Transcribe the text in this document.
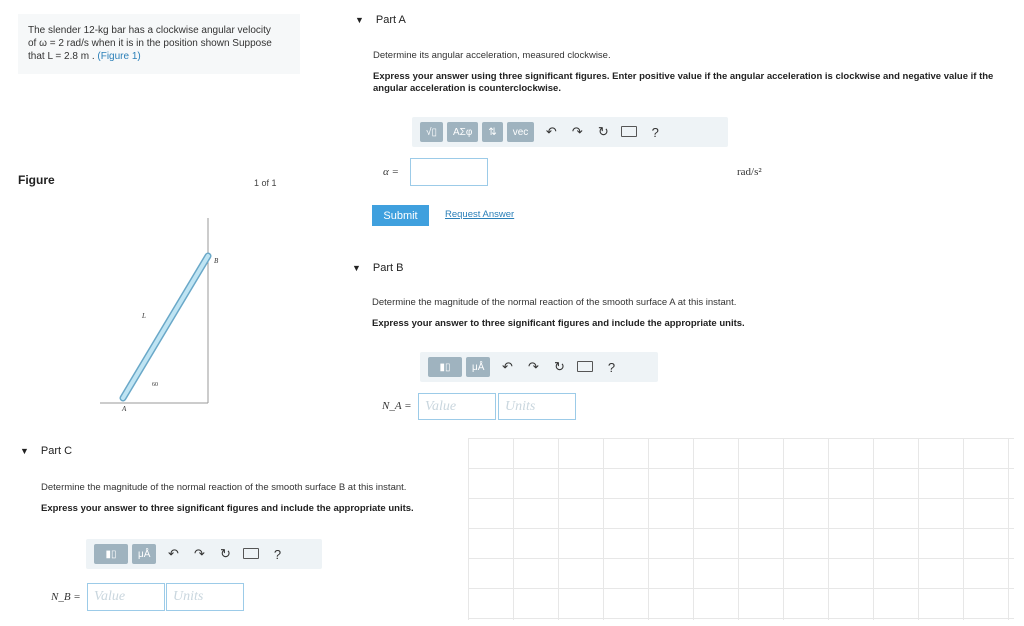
The slender 12-kg bar has a clockwise angular velocity
of ω = 2 rad/s when it is in the position shown Suppose
that L = 2.8 m . (Figure 1)
Figure	1 of 1
B
L
60
A
▼ Part A
Determine its angular acceleration, measured clockwise.
Express your answer using three significant figures. Enter positive value if the angular acceleration is clockwise and negative value if the angular acceleration is counterclockwise.
√▯	ΑΣφ	⇅	vec	↶	↷	↻	?
α =	rad/s²
Submit	Request Answer
▼ Part B
Determine the magnitude of the normal reaction of the smooth surface A at this instant.
Express your answer to three significant figures and include the appropriate units.
▮▯	μÅ	↶	↷	↻	?
N_A = Value	Units
▼ Part C
Determine the magnitude of the normal reaction of the smooth surface B at this instant.
Express your answer to three significant figures and include the appropriate units.
▮▯	μÅ	↶	↷	↻	?
N_B = Value	Units
